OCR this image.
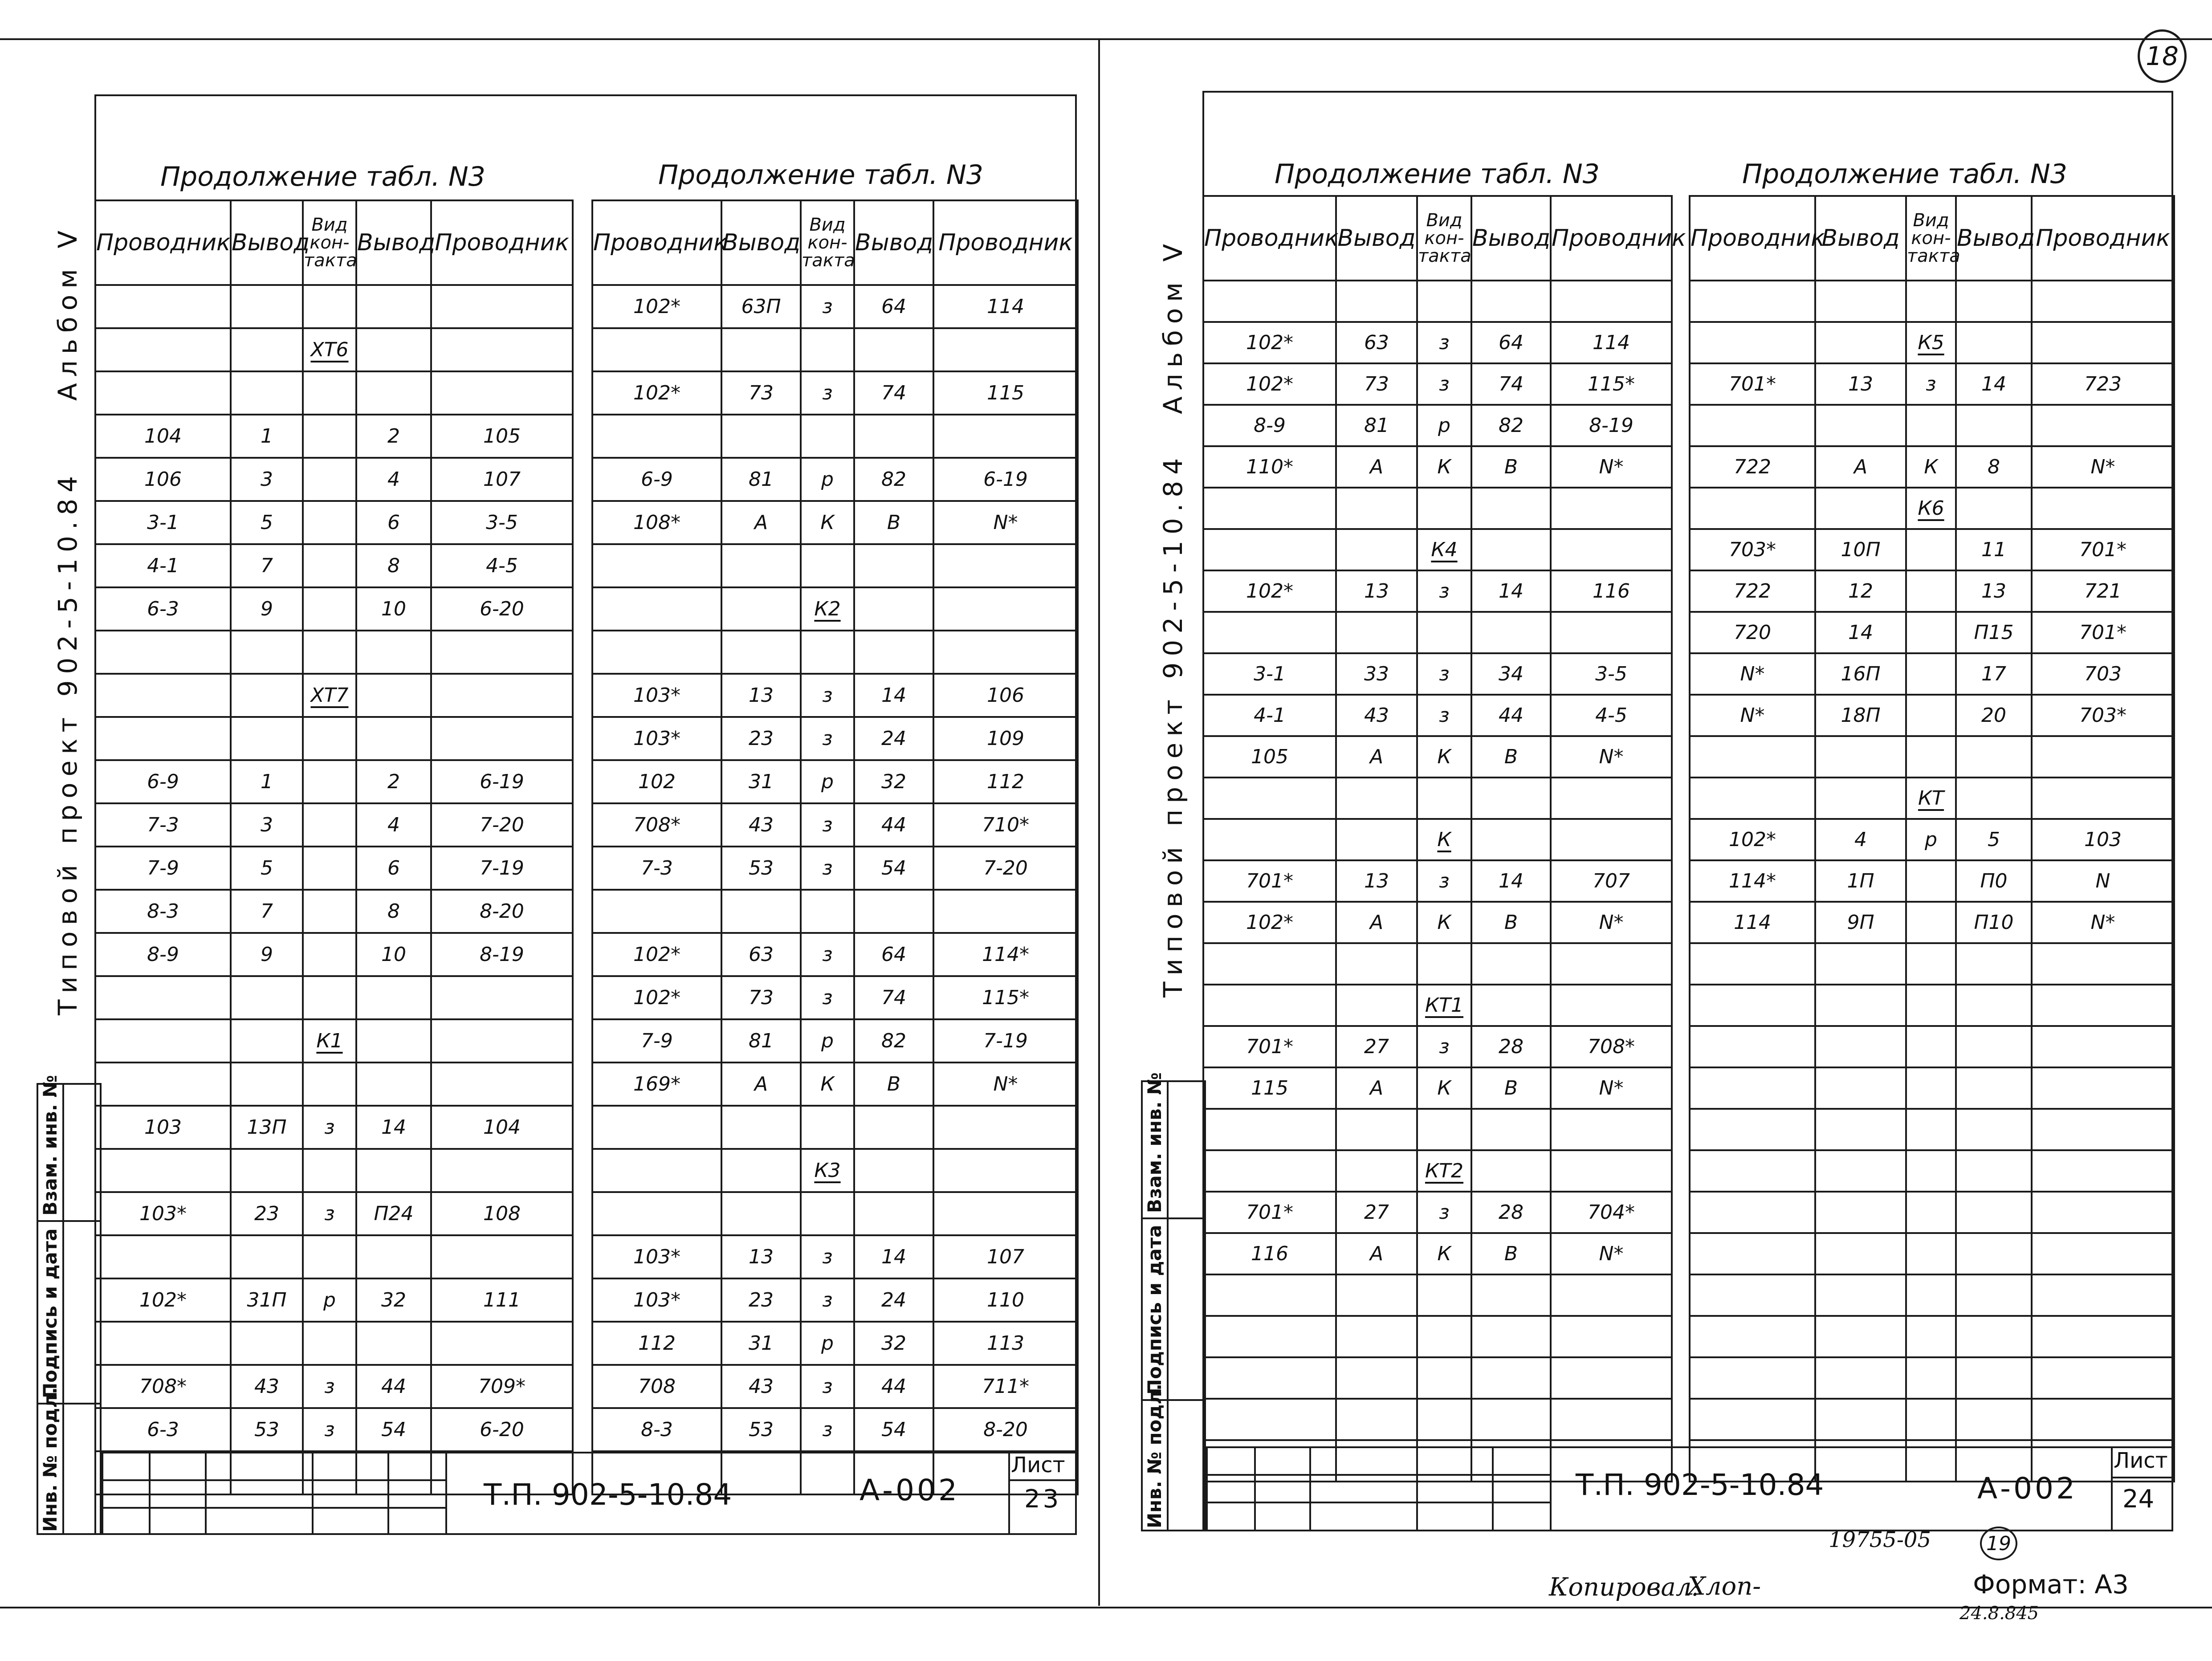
18
Альбом V
Типовой проект 902-5-10.84
Инв. № подл.
Подпись и дата
Взам. инв. №
Продолжение табл. N3	Продолжение табл. N3
Проводник	Вывод	Вид
кон-
такта	Вывод	Проводник

		ХТ6		

104	1		2	105
106	3		4	107
3-1	5		6	3-5
4-1	7		8	4-5
6-3	9		10	6-20

		ХТ7		

6-9	1		2	6-19
7-3	3		4	7-20
7-9	5		6	7-19
8-3	7		8	8-20
8-9	9		10	8-19

		К1		

103	13П	з	14	104

103*	23	з	П24	108

102*	31П	р	32	111

708*	43	з	44	709*
6-3	53	з	54	6-20

Проводник	Вывод	Вид
кон-
такта	Вывод	Проводник
102*	63П	з	64	114

102*	73	з	74	115

6-9	81	р	82	6-19
108*	А	К	В	N*

		К2		

103*	13	з	14	106
103*	23	з	24	109
102	31	р	32	112
708*	43	з	44	710*
7-3	53	з	54	7-20

102*	63	з	64	114*
102*	73	з	74	115*
7-9	81	р	82	7-19
169*	А	К	В	N*

		К3		

103*	13	з	14	107
103*	23	з	24	110
112	31	р	32	113
708	43	з	44	711*
8-3	53	з	54	8-20

Т.П. 902-5-10.84	А-002
Лист
23
Альбом V
Типовой проект 902-5-10.84
Инв. № подл.
Подпись и дата
Взам. инв. №
Продолжение табл. N3	Продолжение табл. N3
Проводник	Вывод	Вид
кон-
такта	Вывод	Проводник

102*	63	з	64	114
102*	73	з	74	115*
8-9	81	р	82	8-19
110*	А	К	В	N*

		К4		
102*	13	з	14	116

3-1	33	з	34	3-5
4-1	43	з	44	4-5
105	А	К	В	N*

		К		
701*	13	з	14	707
102*	А	К	В	N*

		КТ1		
701*	27	з	28	708*
115	А	К	В	N*

		КТ2		
701*	27	з	28	704*
116	А	К	В	N*

Проводник	Вывод	Вид
кон-
такта	Вывод	Проводник

		К5		
701*	13	з	14	723

722	А	К	8	N*
		К6		
703*	10П		11	701*
722	12		13	721
720	14		П15	701*
N*	16П		17	703
N*	18П		20	703*

		КТ		
102*	4	р	5	103
114*	1П		П0	N
114	9П		П10	N*

Т.П. 902-5-10.84	А-002
Лист
24
19755-05	19
Копировал:
Хлоп-	Формат: А3
24.8.845
